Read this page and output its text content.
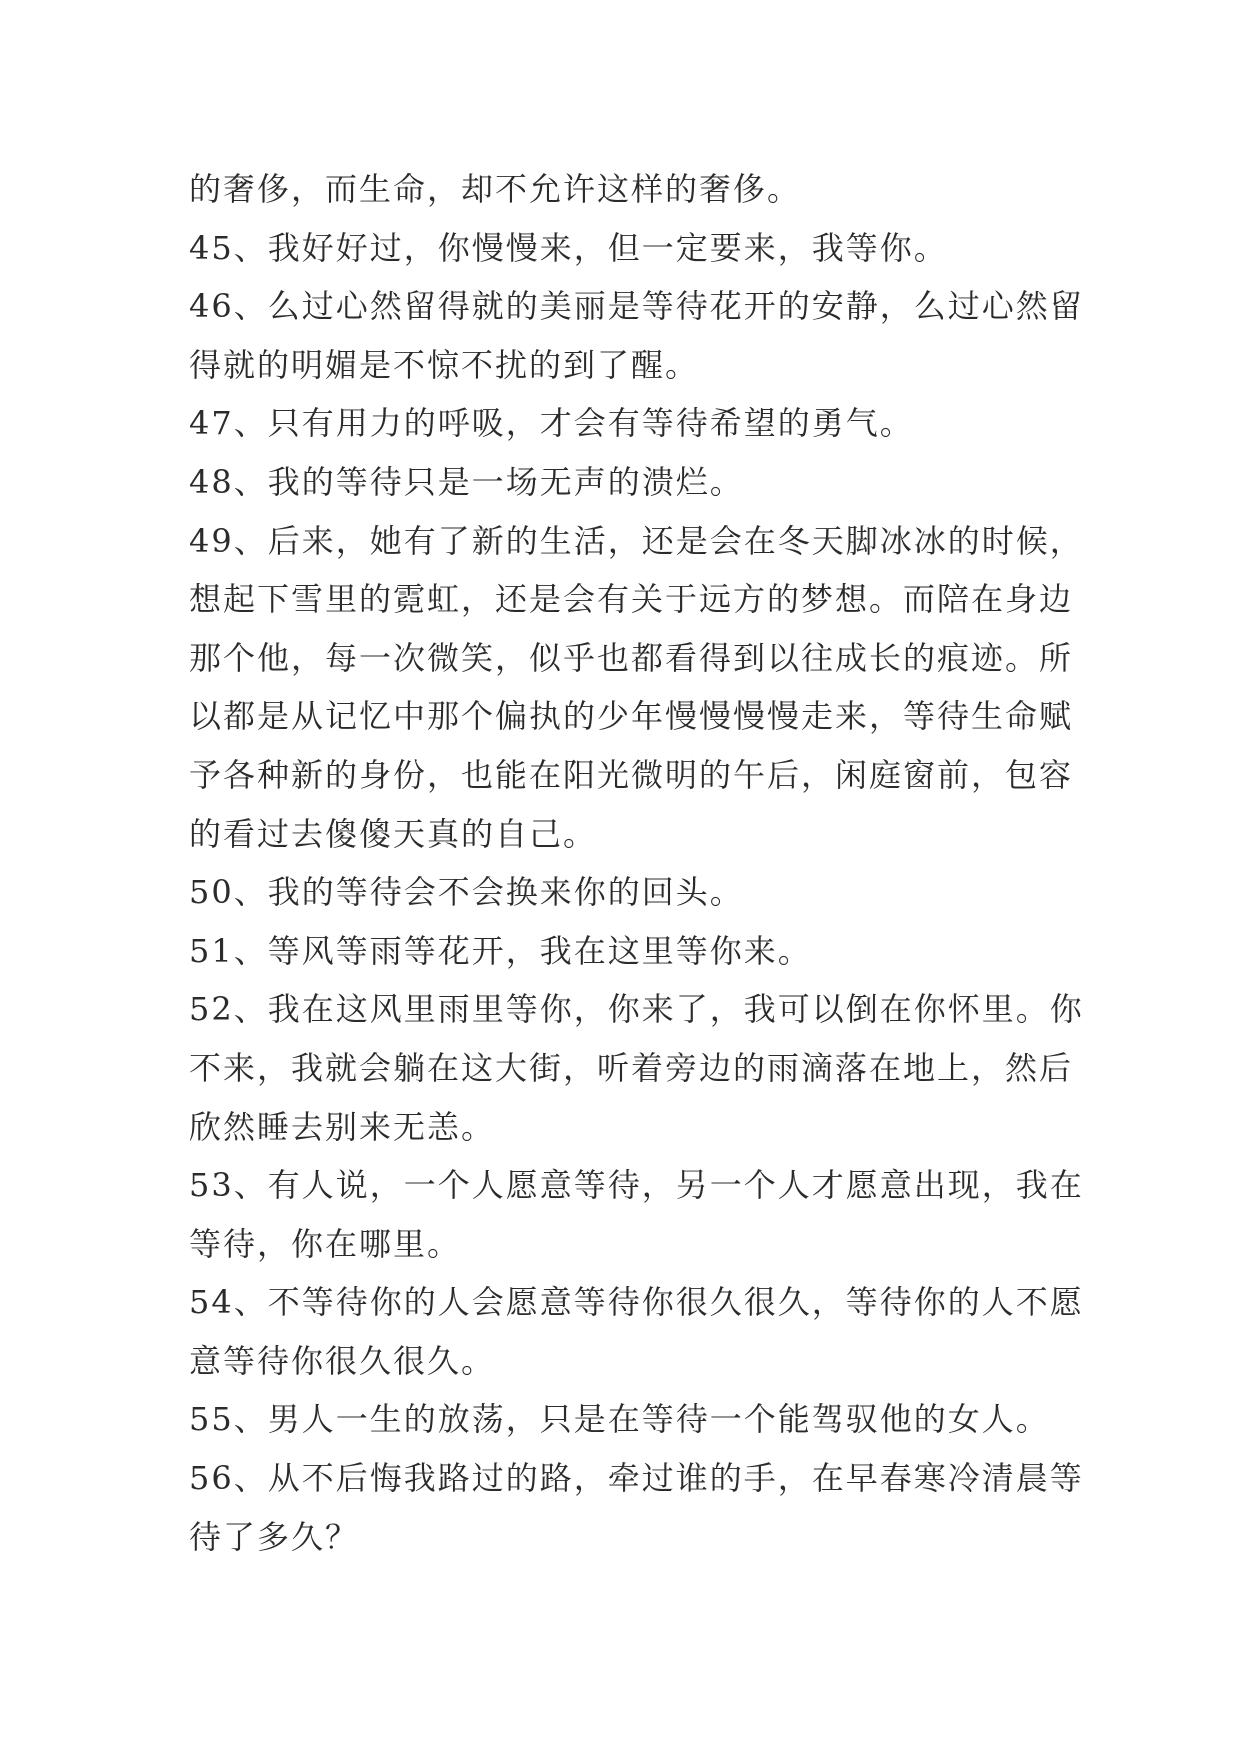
的奢侈，而生命，却不允许这样的奢侈。
45、我好好过，你慢慢来，但一定要来，我等你。
46、么过心然留得就的美丽是等待花开的安静，么过心然留
得就的明媚是不惊不扰的到了醒。
47、只有用力的呼吸，才会有等待希望的勇气。
48、我的等待只是一场无声的溃烂。
49、后来，她有了新的生活，还是会在冬天脚冰冰的时候，
想起下雪里的霓虹，还是会有关于远方的梦想。而陪在身边
那个他，每一次微笑，似乎也都看得到以往成长的痕迹。所
以都是从记忆中那个偏执的少年慢慢慢慢走来，等待生命赋
予各种新的身份，也能在阳光微明的午后，闲庭窗前，包容
的看过去傻傻天真的自己。
50、我的等待会不会换来你的回头。
51、等风等雨等花开，我在这里等你来。
52、我在这风里雨里等你，你来了，我可以倒在你怀里。你
不来，我就会躺在这大街，听着旁边的雨滴落在地上，然后
欣然睡去别来无恙。
53、有人说，一个人愿意等待，另一个人才愿意出现，我在
等待，你在哪里。
54、不等待你的人会愿意等待你很久很久，等待你的人不愿
意等待你很久很久。
55、男人一生的放荡，只是在等待一个能驾驭他的女人。
56、从不后悔我路过的路，牵过谁的手，在早春寒冷清晨等
待了多久？
